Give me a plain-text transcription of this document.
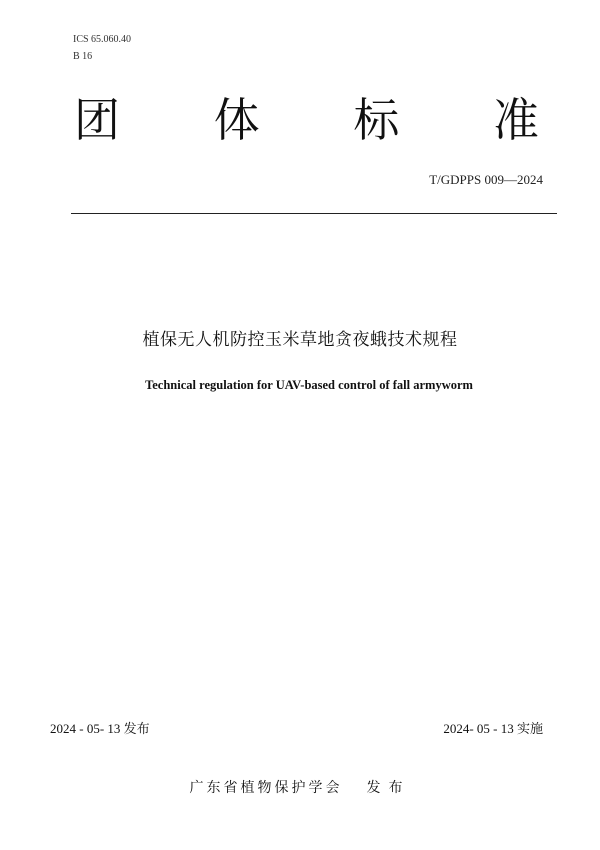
ICS 65.060.40
B 16
团 体 标 准
T/GDPPS 009—2024
植保无人机防控玉米草地贪夜蛾技术规程
Technical regulation for UAV-based control of fall armyworm
2024 - 05- 13 发布	2024- 05 - 13 实施
广东省植物保护学会 发布
